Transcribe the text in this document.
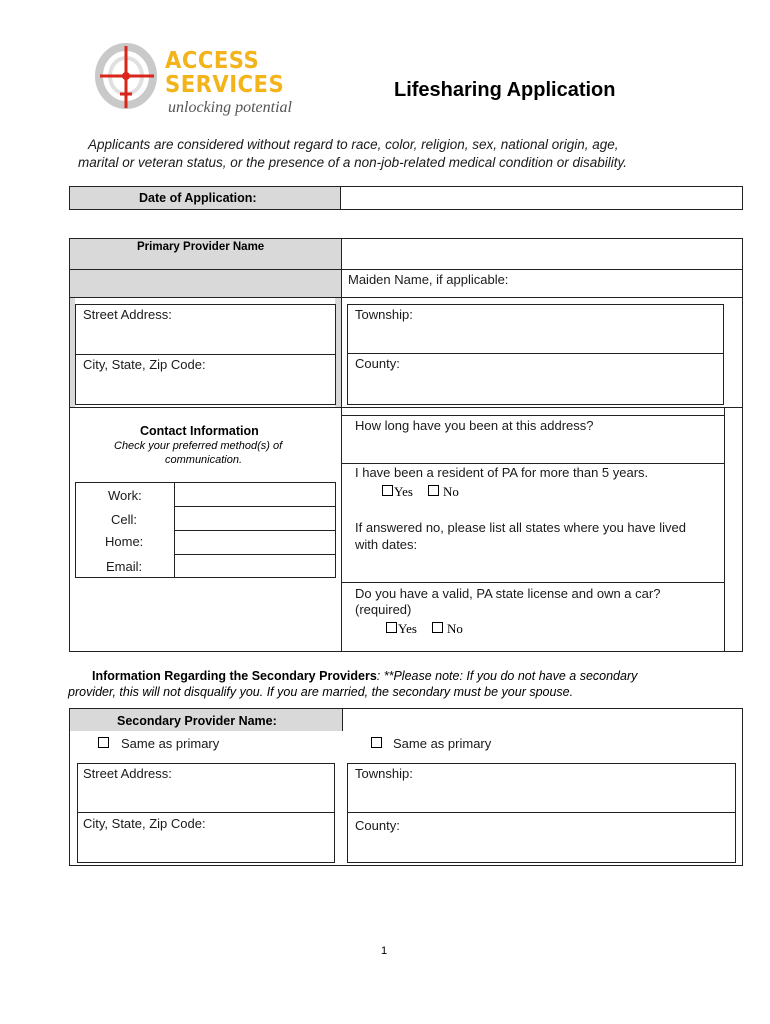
ACCESS
SERVICES
unlocking potential
Lifesharing Application
Applicants are considered without regard to race, color, religion, sex, national origin, age,
marital or veteran status, or the presence of a non-job-related medical condition or disability.
Date of Application:
Primary Provider Name
Maiden Name, if applicable:
Street Address:
City, State, Zip Code:
Township:
County:
Contact Information
Check your preferred method(s) of
communication.
Work:
Cell:
Home:
Email:
How long have you been at this address?
I have been a resident of PA for more than 5 years.
Yes No
If answered no, please list all states where you have lived
with dates:
Do you have a valid, PA state license and own a car?
(required)
Yes No
Information Regarding the Secondary Providers: **Please note: If you do not have a secondary
provider, this will not disqualify you. If you are married, the secondary must be your spouse.
Secondary Provider Name:
Same as primary	Same as primary
Street Address:
City, State, Zip Code:
Township:
County:
1
